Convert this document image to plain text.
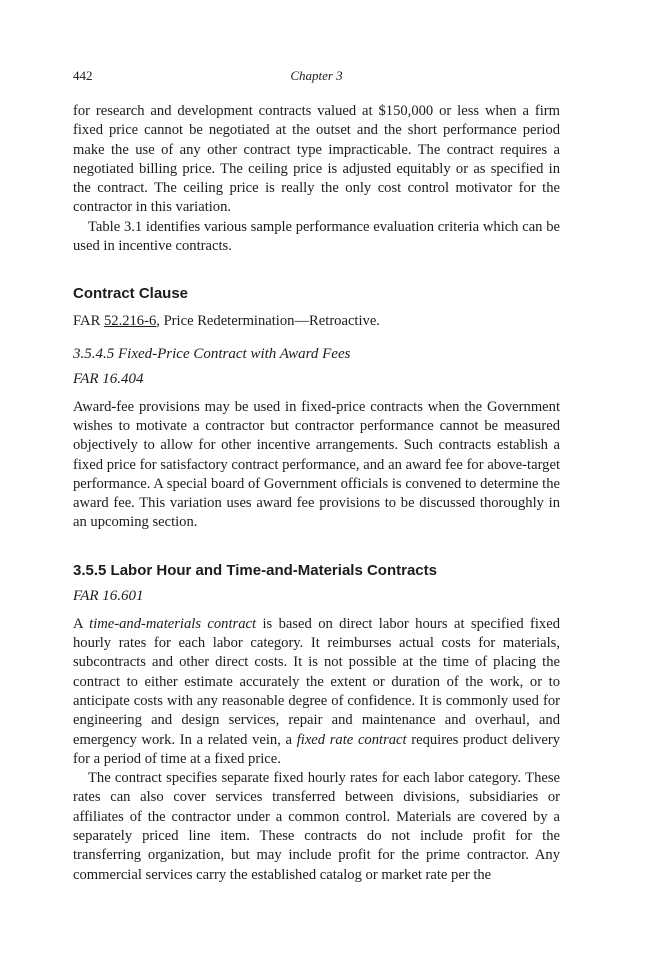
442	Chapter 3

for research and development contracts valued at $150,000 or less when a firm fixed price cannot be negotiated at the outset and the short performance period make the use of any other contract type impracticable. The contract requires a negotiated billing price. The ceiling price is adjusted equitably or as specified in the contract. The ceiling price is really the only cost control motivator for the contractor in this variation.

Table 3.1 identifies various sample performance evaluation criteria which can be used in incentive contracts.

Contract Clause

FAR 52.216-6, Price Redetermination—Retroactive.

3.5.4.5 Fixed-Price Contract with Award Fees
FAR 16.404

Award-fee provisions may be used in fixed-price contracts when the Government wishes to motivate a contractor but contractor performance cannot be measured objectively to allow for other incentive arrangements. Such contracts establish a fixed price for satisfactory contract performance, and an award fee for above-target performance. A special board of Government officials is convened to determine the award fee. This variation uses award fee provisions to be discussed thoroughly in an upcoming section.

3.5.5 Labor Hour and Time-and-Materials Contracts
FAR 16.601

A time-and-materials contract is based on direct labor hours at specified fixed hourly rates for each labor category. It reimburses actual costs for materials, subcontracts and other direct costs. It is not possible at the time of placing the contract to either estimate accurately the extent or duration of the work, or to anticipate costs with any reasonable degree of confidence. It is commonly used for engineering and design services, repair and maintenance and overhaul, and emergency work. In a related vein, a fixed rate contract requires product delivery for a period of time at a fixed price.

The contract specifies separate fixed hourly rates for each labor category. These rates can also cover services transferred between divisions, subsidiaries or affiliates of the contractor under a common control. Materials are covered by a separately priced line item. These contracts do not include profit for the transferring organization, but may include profit for the prime contractor. Any commercial services carry the established catalog or market rate per the
